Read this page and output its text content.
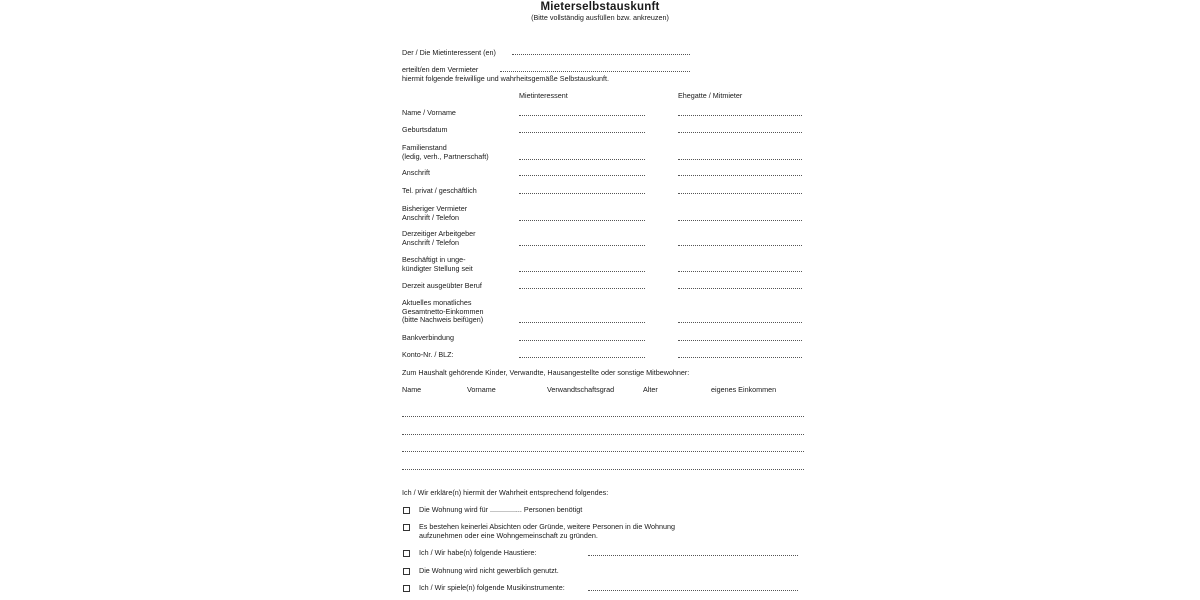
Mieterselbstauskunft
(Bitte vollständig ausfüllen bzw. ankreuzen)
Der / Die Mietinteressent (en)
erteilt/en dem Vermieter
hiermit folgende freiwillige und wahrheitsgemäße Selbstauskunft.
Mietinteressent	Ehegatte / Mitmieter
Name / Vorname
Geburtsdatum
Familienstand
(ledig, verh., Partnerschaft)
Anschrift
Tel. privat / geschäftlich
Bisheriger Vermieter
Anschrift / Telefon
Derzeitiger Arbeitgeber
Anschrift / Telefon
Beschäftigt in unge-
kündigter Stellung seit
Derzeit ausgeübter Beruf
Aktuelles monatliches
Gesamtnetto-Einkommen
(bitte Nachweis beifügen)
Bankverbindung
Konto-Nr. / BLZ:
Zum Haushalt gehörende Kinder, Verwandte, Hausangestellte oder sonstige Mitbewohner:
Name	Vorname	Verwandtschaftsgrad	Alter	eigenes Einkommen
Ich / Wir erkläre(n) hiermit der Wahrheit entsprechend folgendes:
Die Wohnung wird für ................ Personen benötigt
Es bestehen keinerlei Absichten oder Gründe, weitere Personen in die Wohnung
aufzunehmen oder eine Wohngemeinschaft zu gründen.
Ich / Wir habe(n) folgende Haustiere:
Die Wohnung wird nicht gewerblich genutzt.
Ich / Wir spiele(n) folgende Musikinstrumente:
